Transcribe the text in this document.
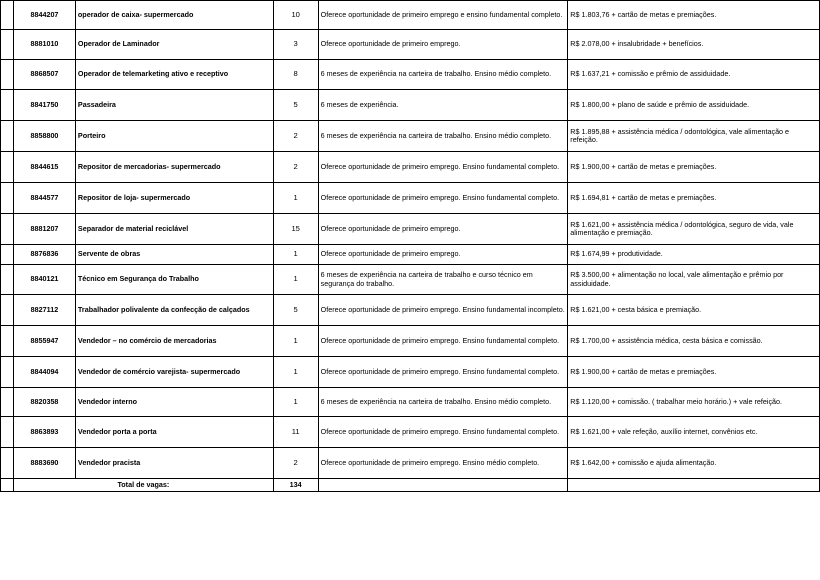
	8844207	operador de caixa- supermercado	10	Oferece oportunidade de primeiro emprego e ensino fundamental completo.	R$ 1.803,76 + cartão de metas e premiações.
	8881010	Operador de Laminador	3	Oferece oportunidade de primeiro emprego.	R$ 2.078,00 + insalubridade + benefícios.
	8868507	Operador de telemarketing ativo e receptivo	8	6 meses de experiência na carteira de trabalho. Ensino médio completo.	R$ 1.637,21 + comissão e prêmio de assiduidade.
	8841750	Passadeira	5	6 meses de experiência.	R$ 1.800,00 + plano de saúde e prêmio de assiduidade.
	8858800	Porteiro	2	6 meses de experiência na carteira de trabalho. Ensino médio completo.	R$ 1.895,88 + assistência médica / odontológica, vale alimentação e refeição.
	8844615	Repositor de mercadorias- supermercado	2	Oferece oportunidade de primeiro emprego. Ensino fundamental completo.	R$ 1.900,00 + cartão de metas e premiações.
	8844577	Repositor de loja- supermercado	1	Oferece oportunidade de primeiro emprego. Ensino fundamental completo.	R$ 1.694,81 + cartão de metas e premiações.
	8881207	Separador de material reciclável	15	Oferece oportunidade de primeiro emprego.	R$ 1.621,00 + assistência médica / odontológica, seguro de vida, vale alimentação e premiação.
	8876836	Servente de obras	1	Oferece oportunidade de primeiro emprego.	R$ 1.674,99 + produtividade.
	8840121	Técnico em Segurança do Trabalho	1	6 meses de experiência na carteira de trabalho e curso técnico em segurança do trabalho.	R$ 3.500,00 + alimentação no local, vale alimentação e prêmio por assiduidade.
	8827112	Trabalhador polivalente da confecção de calçados	5	Oferece oportunidade de primeiro emprego. Ensino fundamental incompleto.	R$ 1.621,00 + cesta básica e premiação.
	8855947	Vendedor – no comércio de mercadorias	1	Oferece oportunidade de primeiro emprego. Ensino fundamental completo.	R$ 1.700,00 + assistência médica, cesta básica e comissão.
	8844094	Vendedor de comércio varejista- supermercado	1	Oferece oportunidade de primeiro emprego. Ensino fundamental completo.	R$ 1.900,00 + cartão de metas e premiações.
	8820358	Vendedor interno	1	6 meses de experiência na carteira de trabalho. Ensino médio completo.	R$ 1.120,00 + comissão. ( trabalhar meio horário.) + vale refeição.
	8863893	Vendedor porta a porta	11	Oferece oportunidade de primeiro emprego. Ensino fundamental completo.	R$ 1.621,00 + vale refeção, auxílio internet, convênios etc.
	8883690	Vendedor pracista	2	Oferece oportunidade de primeiro emprego. Ensino médio completo.	R$ 1.642,00 + comissão e ajuda alimentação.
	Total de vagas:		134		
